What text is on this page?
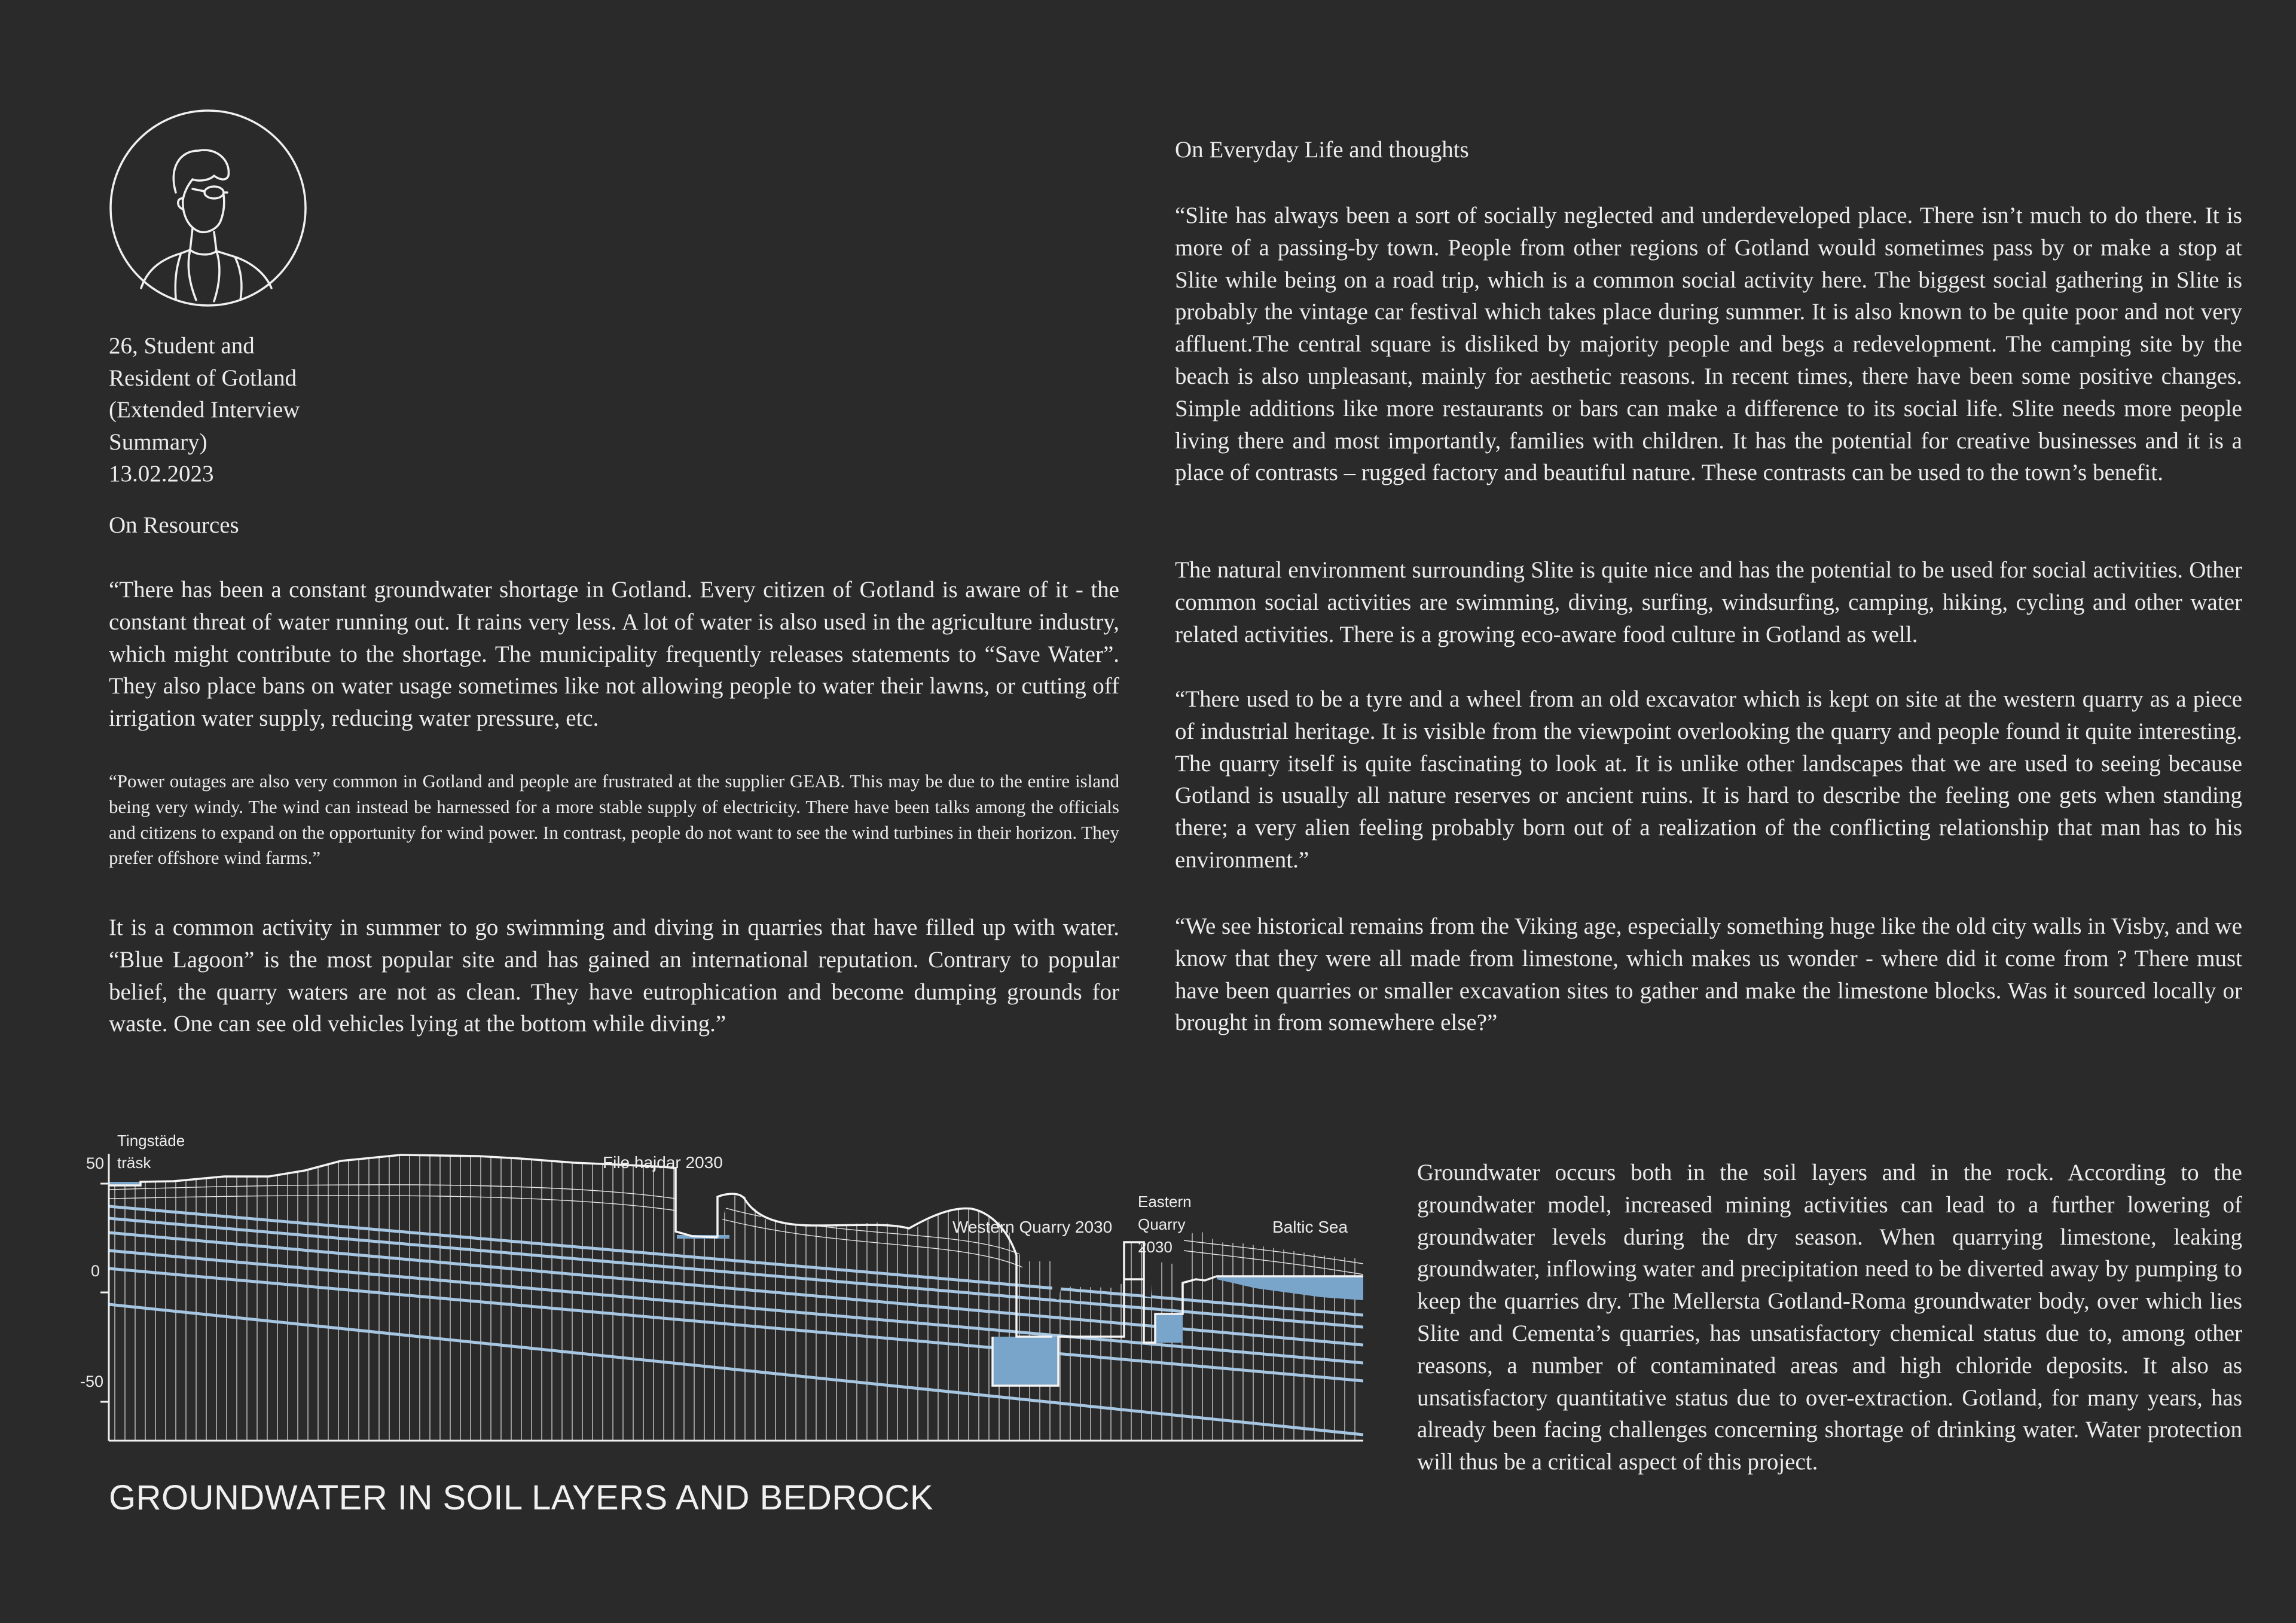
26, Student and
Resident of Gotland
(Extended Interview
Summary)
13.02.2023
On Resources

“There has been a constant groundwater shortage in Gotland. Every citizen of Gotland is aware of it - the constant threat of water running out. It rains very less. A lot of water is also used in the agriculture industry, which might contribute to the shortage. The municipality frequently releases statements to “Save Water”. They also place bans on water usage sometimes like not allowing people to water their lawns, or cutting off irrigation water supply, reducing water pressure, etc.

“Power outages are also very common in Gotland and people are frustrated at the supplier GEAB. This may be due to the entire island being very windy. The wind can instead be harnessed for a more stable supply of electricity. There have been talks among the officials and citizens to expand on the opportunity for wind power. In contrast, people do not want to see the wind turbines in their horizon. They prefer offshore wind farms.”

It is a common activity in summer to go swimming and diving in quarries that have filled up with water. “Blue Lagoon” is the most popular site and has gained an international reputation. Contrary to popular belief, the quarry waters are not as clean. They have eutrophication and become dumping grounds for waste. One can see old vehicles lying at the bottom while diving.”

On Everyday Life and thoughts

“Slite has always been a sort of socially neglected and underdeveloped place. There isn’t much to do there. It is more of a passing-by town. People from other regions of Gotland would sometimes pass by or make a stop at Slite while being on a road trip, which is a common social activity here. The biggest social gathering in Slite is probably the vintage car festival which takes place during summer. It is also known to be quite poor and not very affluent.The central square is disliked by majority people and begs a redevelopment. The camping site by the beach is also unpleasant, mainly for aesthetic reasons. In recent times, there have been some positive changes. Simple additions like more restaurants or bars can make a difference to its social life. Slite needs more people living there and most importantly, families with children. It has the potential for creative businesses and it is a place of contrasts – rugged factory and beautiful nature. These contrasts can be used to the town’s benefit.

The natural environment surrounding Slite is quite nice and has the potential to be used for social activities. Other common social activities are swimming, diving, surfing, windsurfing, camping, hiking, cycling and other water related activities. There is a growing eco-aware food culture in Gotland as well.

“There used to be a tyre and a wheel from an old excavator which is kept on site at the western quarry as a piece of industrial heritage. It is visible from the viewpoint overlooking the quarry and people found it quite interesting. The quarry itself is quite fascinating to look at. It is unlike other landscapes that we are used to seeing because Gotland is usually all nature reserves or ancient ruins. It is hard to describe the feeling one gets when standing there; a very alien feeling probably born out of a realization of the conflicting relationship that man has to his environment.”

“We see historical remains from the Viking age, especially something huge like the old city walls in Visby, and we know that they were all made from limestone, which makes us wonder - where did it come from ? There must have been quarries or smaller excavation sites to gather and make the limestone blocks. Was it sourced locally or brought in from somewhere else?”

50
0
-50
Tingstäde
träsk	File hajdar 2030
Western Quarry 2030
Eastern
Quarry
2030
Baltic Sea
GROUNDWATER IN SOIL LAYERS AND BEDROCK

Groundwater occurs both in the soil layers and in the rock. According to the groundwater model, increased mining activities can lead to a further lowering of groundwater levels during the dry season. When quarrying limestone, leaking groundwater, inflowing water and precipitation need to be diverted away by pumping to keep the quarries dry. The Mellersta Gotland-Roma groundwater body, over which lies Slite and Cementa’s quarries, has unsatisfactory chemical status due to, among other reasons, a number of contaminated areas and high chloride deposits. It also as unsatisfactory quantitative status due to over-extraction. Gotland, for many years, has already been facing challenges concerning shortage of drinking water. Water protection will thus be a critical aspect of this project.
